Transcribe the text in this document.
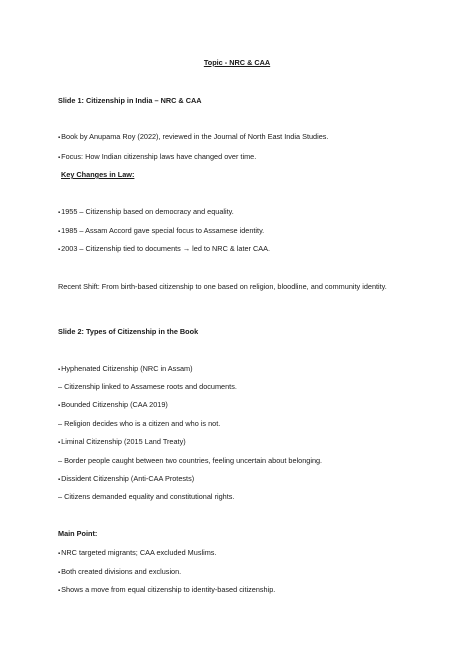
Topic - NRC & CAA
Slide 1: Citizenship in India – NRC & CAA
▪Book by Anupama Roy (2022), reviewed in the Journal of North East India Studies.
▪Focus: How Indian citizenship laws have changed over time.
Key Changes in Law:
▪1955 – Citizenship based on democracy and equality.
▪1985 – Assam Accord gave special focus to Assamese identity.
▪2003 – Citizenship tied to documents → led to NRC & later CAA.
Recent Shift: From birth-based citizenship to one based on religion, bloodline, and community identity.
Slide 2: Types of Citizenship in the Book
▪Hyphenated Citizenship (NRC in Assam)
– Citizenship linked to Assamese roots and documents.
▪Bounded Citizenship (CAA 2019)
– Religion decides who is a citizen and who is not.
▪Liminal Citizenship (2015 Land Treaty)
– Border people caught between two countries, feeling uncertain about belonging.
▪Dissident Citizenship (Anti-CAA Protests)
– Citizens demanded equality and constitutional rights.
Main Point:
▪NRC targeted migrants; CAA excluded Muslims.
▪Both created divisions and exclusion.
▪Shows a move from equal citizenship to identity-based citizenship.
